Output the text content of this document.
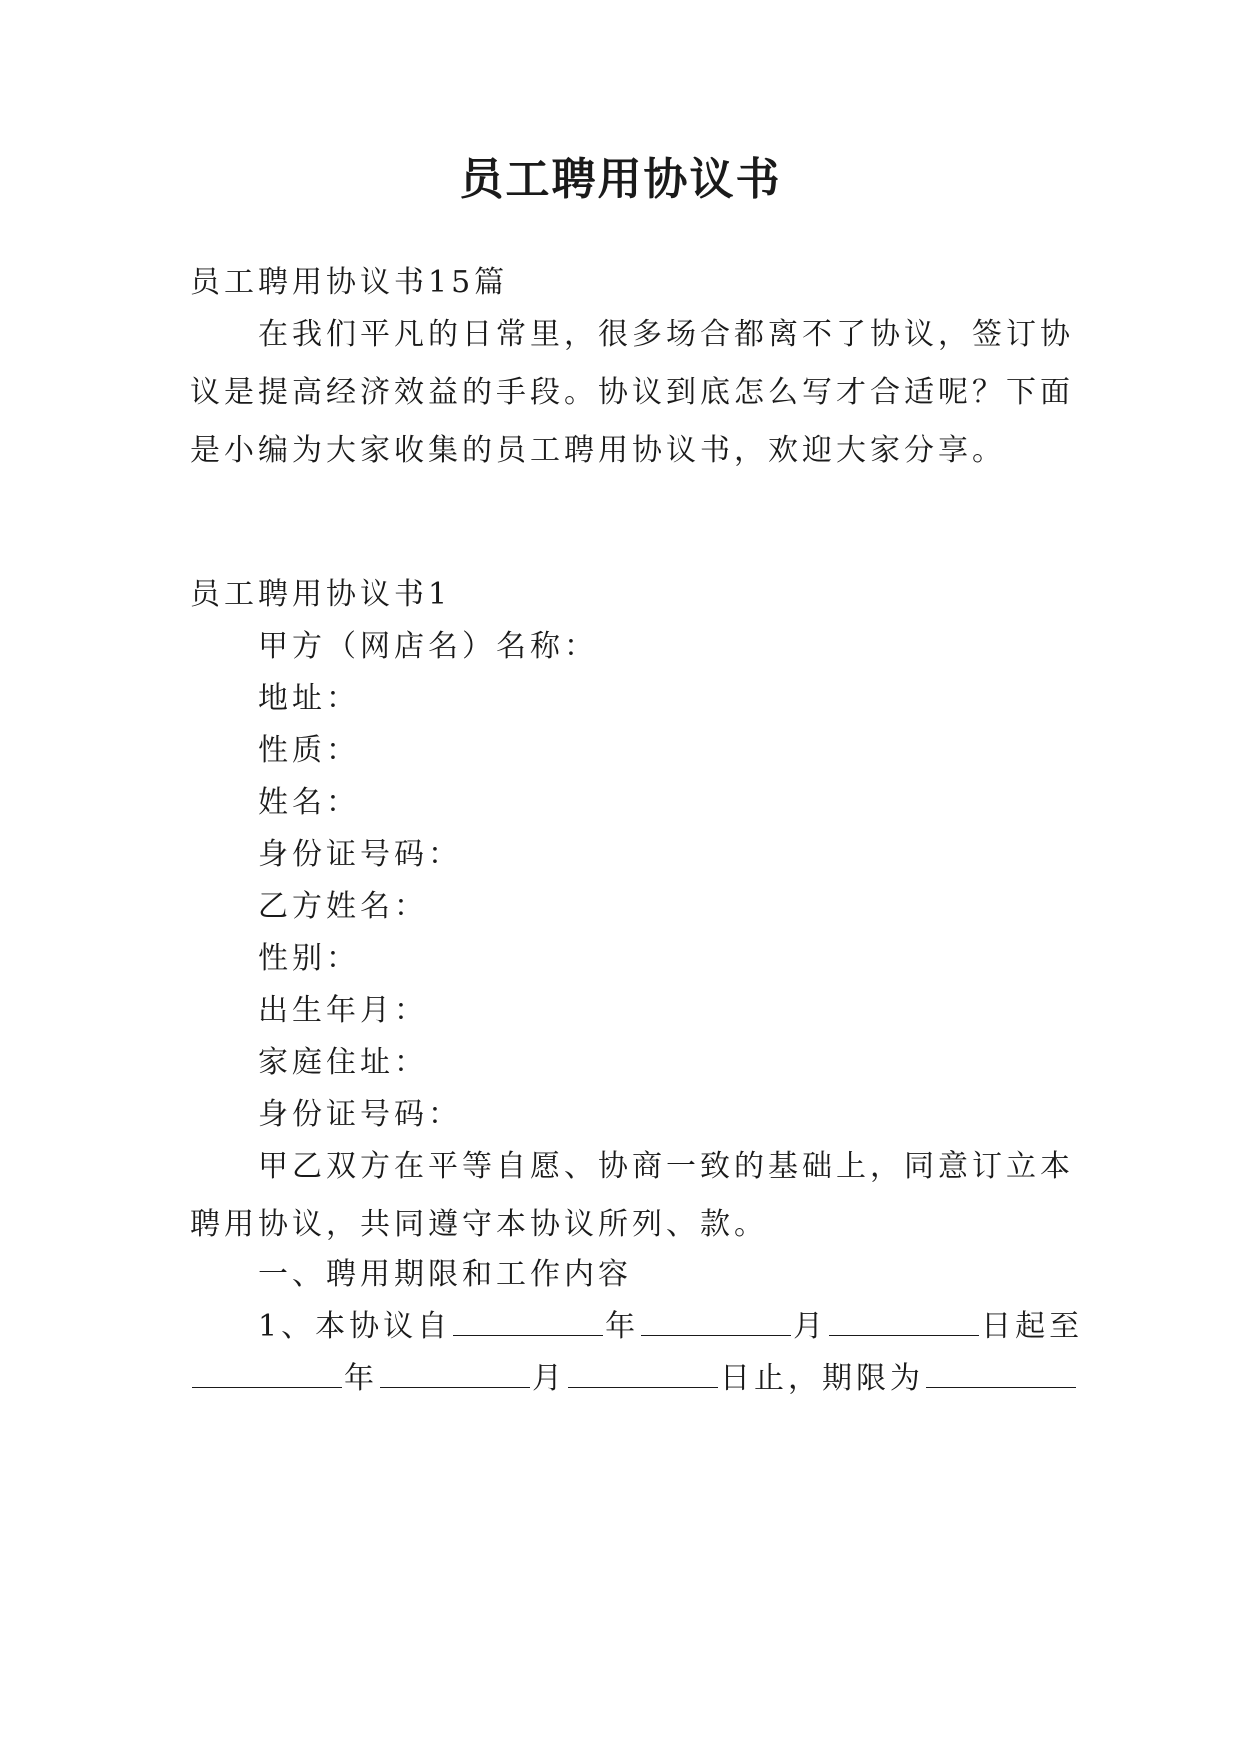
员工聘用协议书
员工聘用协议书15篇
在我们平凡的日常里，很多场合都离不了协议，签订协
议是提高经济效益的手段。协议到底怎么写才合适呢？下面
是小编为大家收集的员工聘用协议书，欢迎大家分享。
员工聘用协议书1
甲方（网店名）名称：
地址：
性质：
姓名：
身份证号码：
乙方姓名：
性别：
出生年月：
家庭住址：
身份证号码：
甲乙双方在平等自愿、协商一致的基础上，同意订立本
聘用协议，共同遵守本协议所列、款。
一、聘用期限和工作内容
1、本协议自	年	月	日起至
年	月	日止，期限为
